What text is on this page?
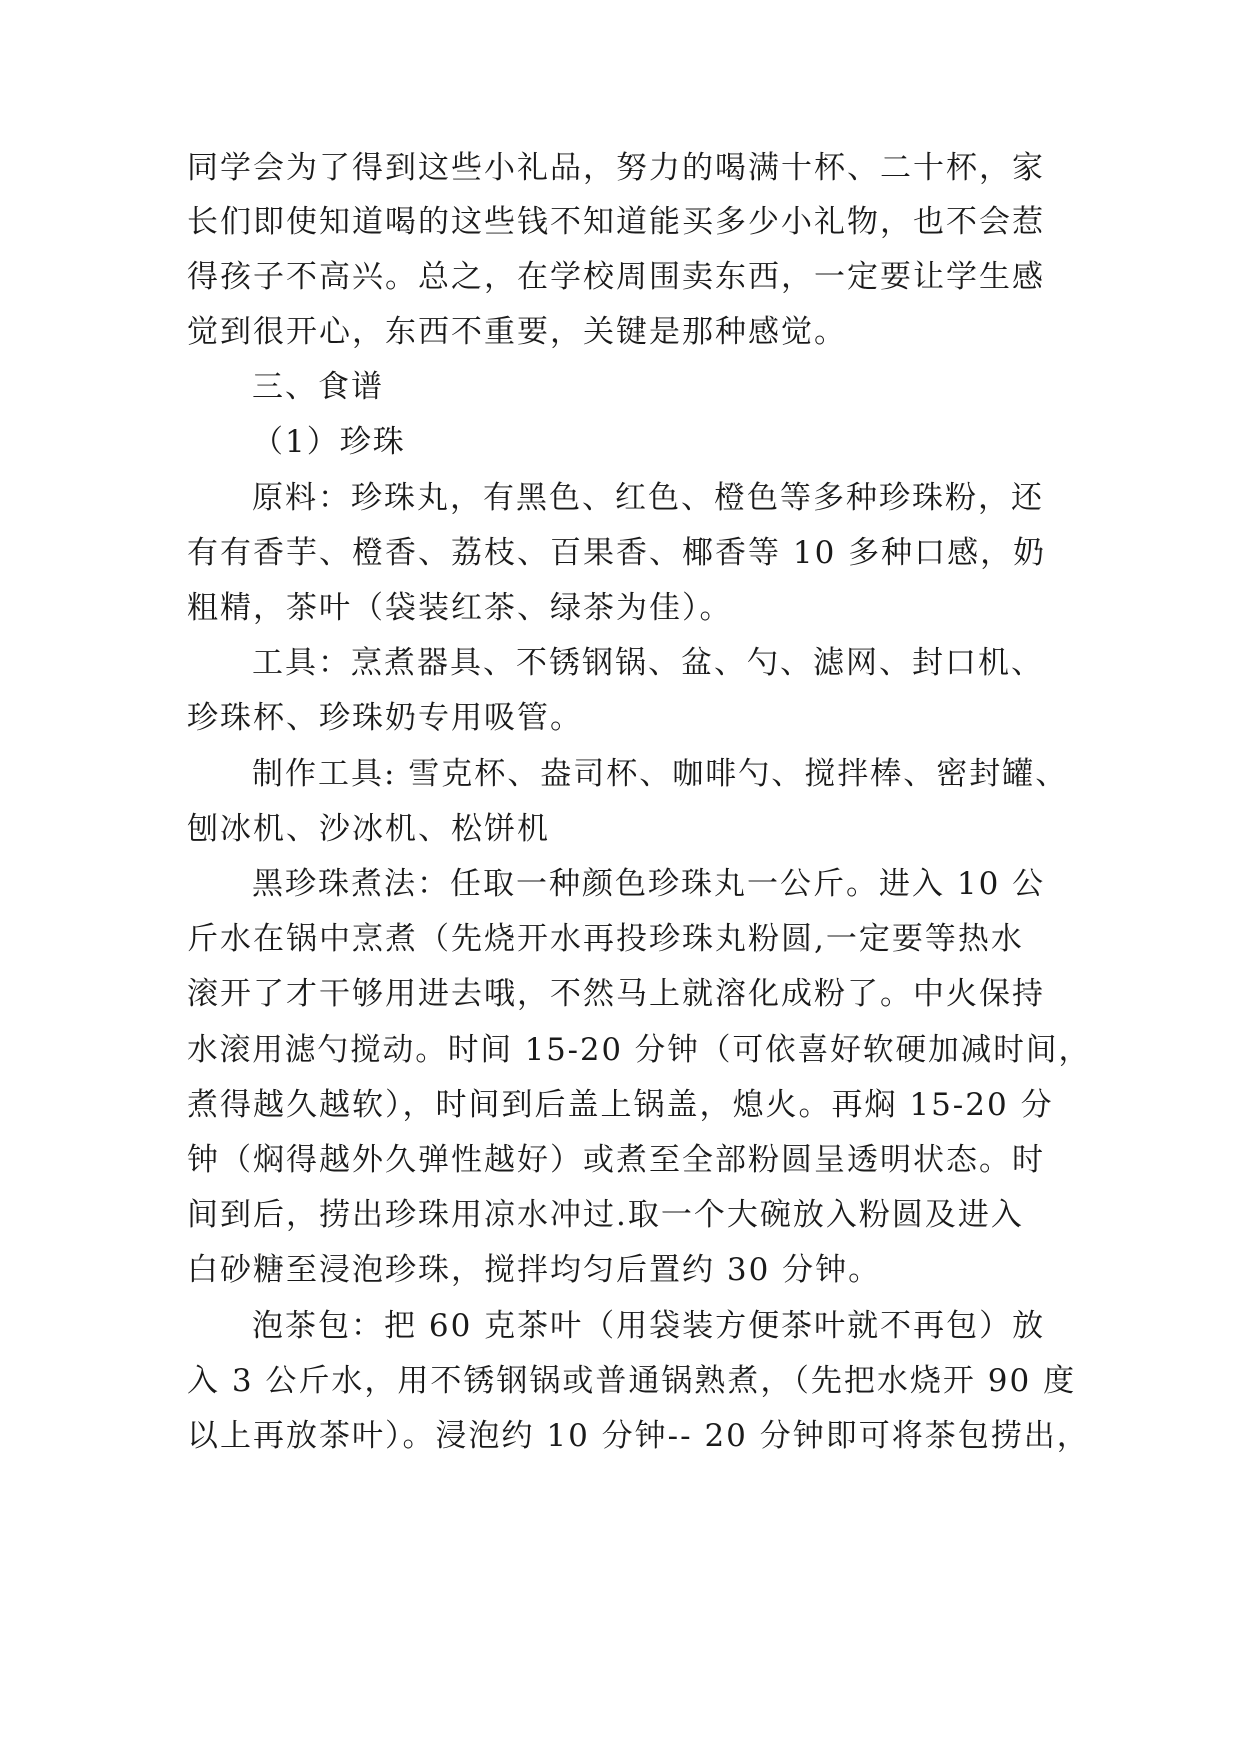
同学会为了得到这些小礼品，努力的喝满十杯、二十杯，家

长们即使知道喝的这些钱不知道能买多少小礼物，也不会惹

得孩子不高兴。总之，在学校周围卖东西，一定要让学生感

觉到很开心，东西不重要，关键是那种感觉。

三、食谱

（1）珍珠

原料：珍珠丸，有黑色、红色、橙色等多种珍珠粉，还

有有香芋、橙香、荔枝、百果香、椰香等 10 多种口感，奶

粗精，茶叶（袋装红茶、绿茶为佳）。

工具：烹煮器具、不锈钢锅、盆、勺、滤网、封口机、

珍珠杯、珍珠奶专用吸管。

制作工具: 雪克杯、盎司杯、咖啡勺、搅拌棒、密封罐、

刨冰机、沙冰机、松饼机

黑珍珠煮法：任取一种颜色珍珠丸一公斤。进入 10 公

斤水在锅中烹煮（先烧开水再投珍珠丸粉圆,一定要等热水

滚开了才干够用进去哦，不然马上就溶化成粉了。中火保持

水滚用滤勺搅动。时间 15-20 分钟（可依喜好软硬加减时间，

煮得越久越软），时间到后盖上锅盖，熄火。再焖 15-20 分

钟（焖得越外久弹性越好）或煮至全部粉圆呈透明状态。时

间到后，捞出珍珠用凉水冲过.取一个大碗放入粉圆及进入

白砂糖至浸泡珍珠，搅拌均匀后置约 30 分钟。

泡茶包：把 60 克茶叶（用袋装方便茶叶就不再包）放

入 3 公斤水，用不锈钢锅或普通锅熟煮，（先把水烧开 90 度

以上再放茶叶）。浸泡约 10 分钟-- 20 分钟即可将茶包捞出，
